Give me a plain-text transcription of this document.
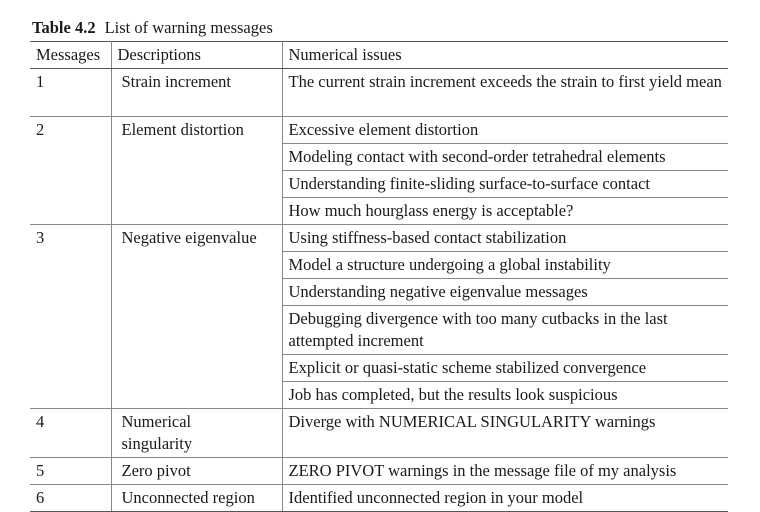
Table 4.2 List of warning messages
Messages	Descriptions	Numerical issues
1	Strain increment	The current strain increment exceeds the strain to first yield mean
2	Element distortion	Excessive element distortion
		Modeling contact with second-order tetrahedral elements
		Understanding finite-sliding surface-to-surface contact
		How much hourglass energy is acceptable?
3	Negative eigenvalue	Using stiffness-based contact stabilization
		Model a structure undergoing a global instability
		Understanding negative eigenvalue messages
		Debugging divergence with too many cutbacks in the last attempted increment
		Explicit or quasi-static scheme stabilized convergence
		Job has completed, but the results look suspicious
4	Numerical singularity	Diverge with NUMERICAL SINGULARITY warnings
5	Zero pivot	ZERO PIVOT warnings in the message file of my analysis
6	Unconnected region	Identified unconnected region in your model
